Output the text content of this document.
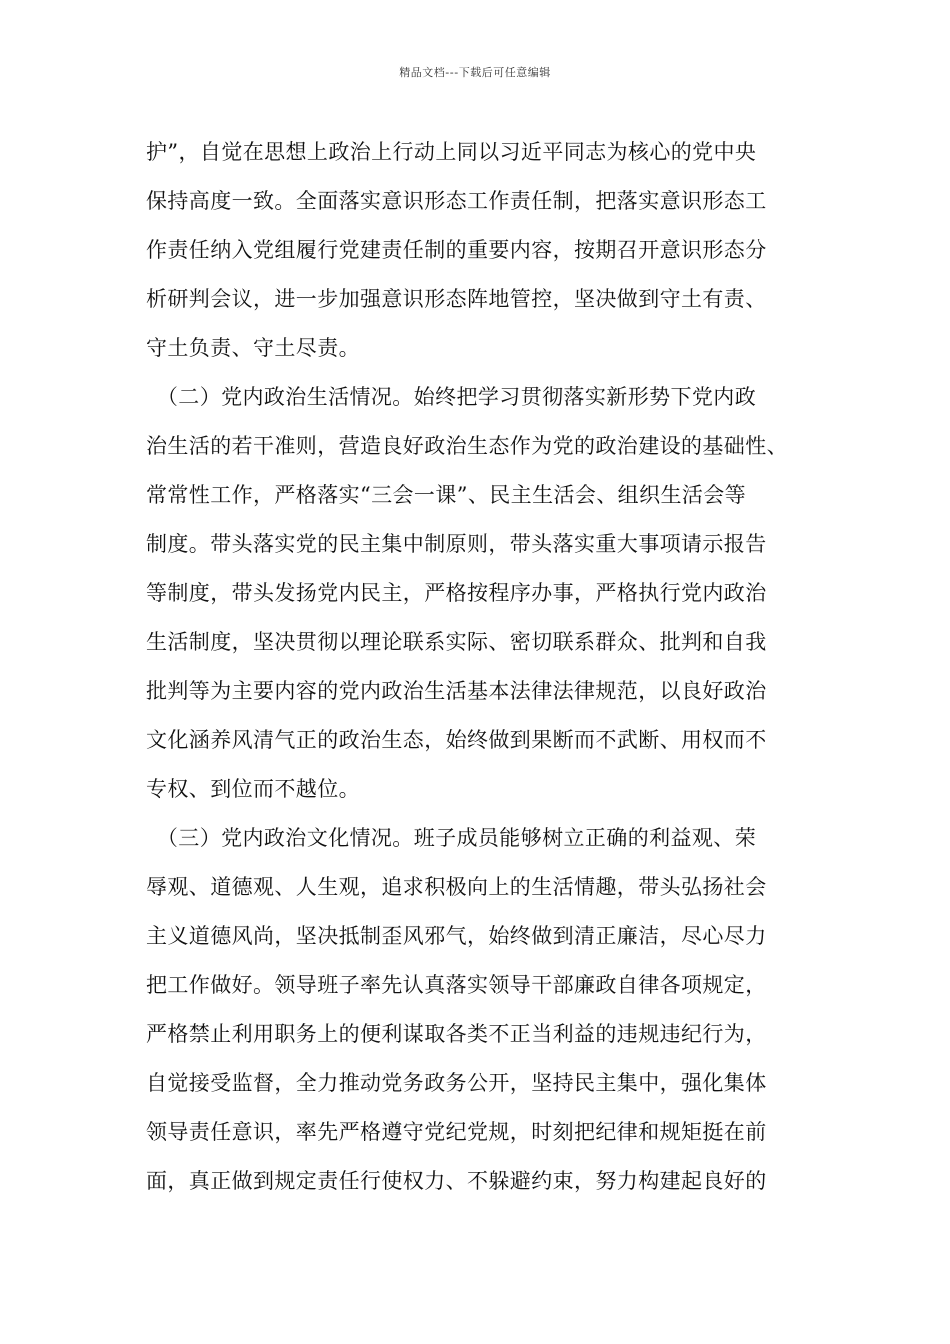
精品文档---下载后可任意编辑
护”，自觉在思想上政治上行动上同以习近平同志为核心的党中央
保持高度一致。全面落实意识形态工作责任制，把落实意识形态工
作责任纳入党组履行党建责任制的重要内容，按期召开意识形态分
析研判会议，进一步加强意识形态阵地管控，坚决做到守土有责、
守土负责、守土尽责。
　（二）党内政治生活情况。始终把学习贯彻落实新形势下党内政
治生活的若干准则，营造良好政治生态作为党的政治建设的基础性、
常常性工作，严格落实“三会一课”、民主生活会、组织生活会等
制度。带头落实党的民主集中制原则，带头落实重大事项请示报告
等制度，带头发扬党内民主，严格按程序办事，严格执行党内政治
生活制度，坚决贯彻以理论联系实际、密切联系群众、批判和自我
批判等为主要内容的党内政治生活基本法律法律规范，以良好政治
文化涵养风清气正的政治生态，始终做到果断而不武断、用权而不
专权、到位而不越位。
　（三）党内政治文化情况。班子成员能够树立正确的利益观、荣
辱观、道德观、人生观，追求积极向上的生活情趣，带头弘扬社会
主义道德风尚，坚决抵制歪风邪气，始终做到清正廉洁，尽心尽力
把工作做好。领导班子率先认真落实领导干部廉政自律各项规定，
严格禁止利用职务上的便利谋取各类不正当利益的违规违纪行为，
自觉接受监督，全力推动党务政务公开，坚持民主集中，强化集体
领导责任意识，率先严格遵守党纪党规，时刻把纪律和规矩挺在前
面，真正做到规定责任行使权力、不躲避约束，努力构建起良好的
